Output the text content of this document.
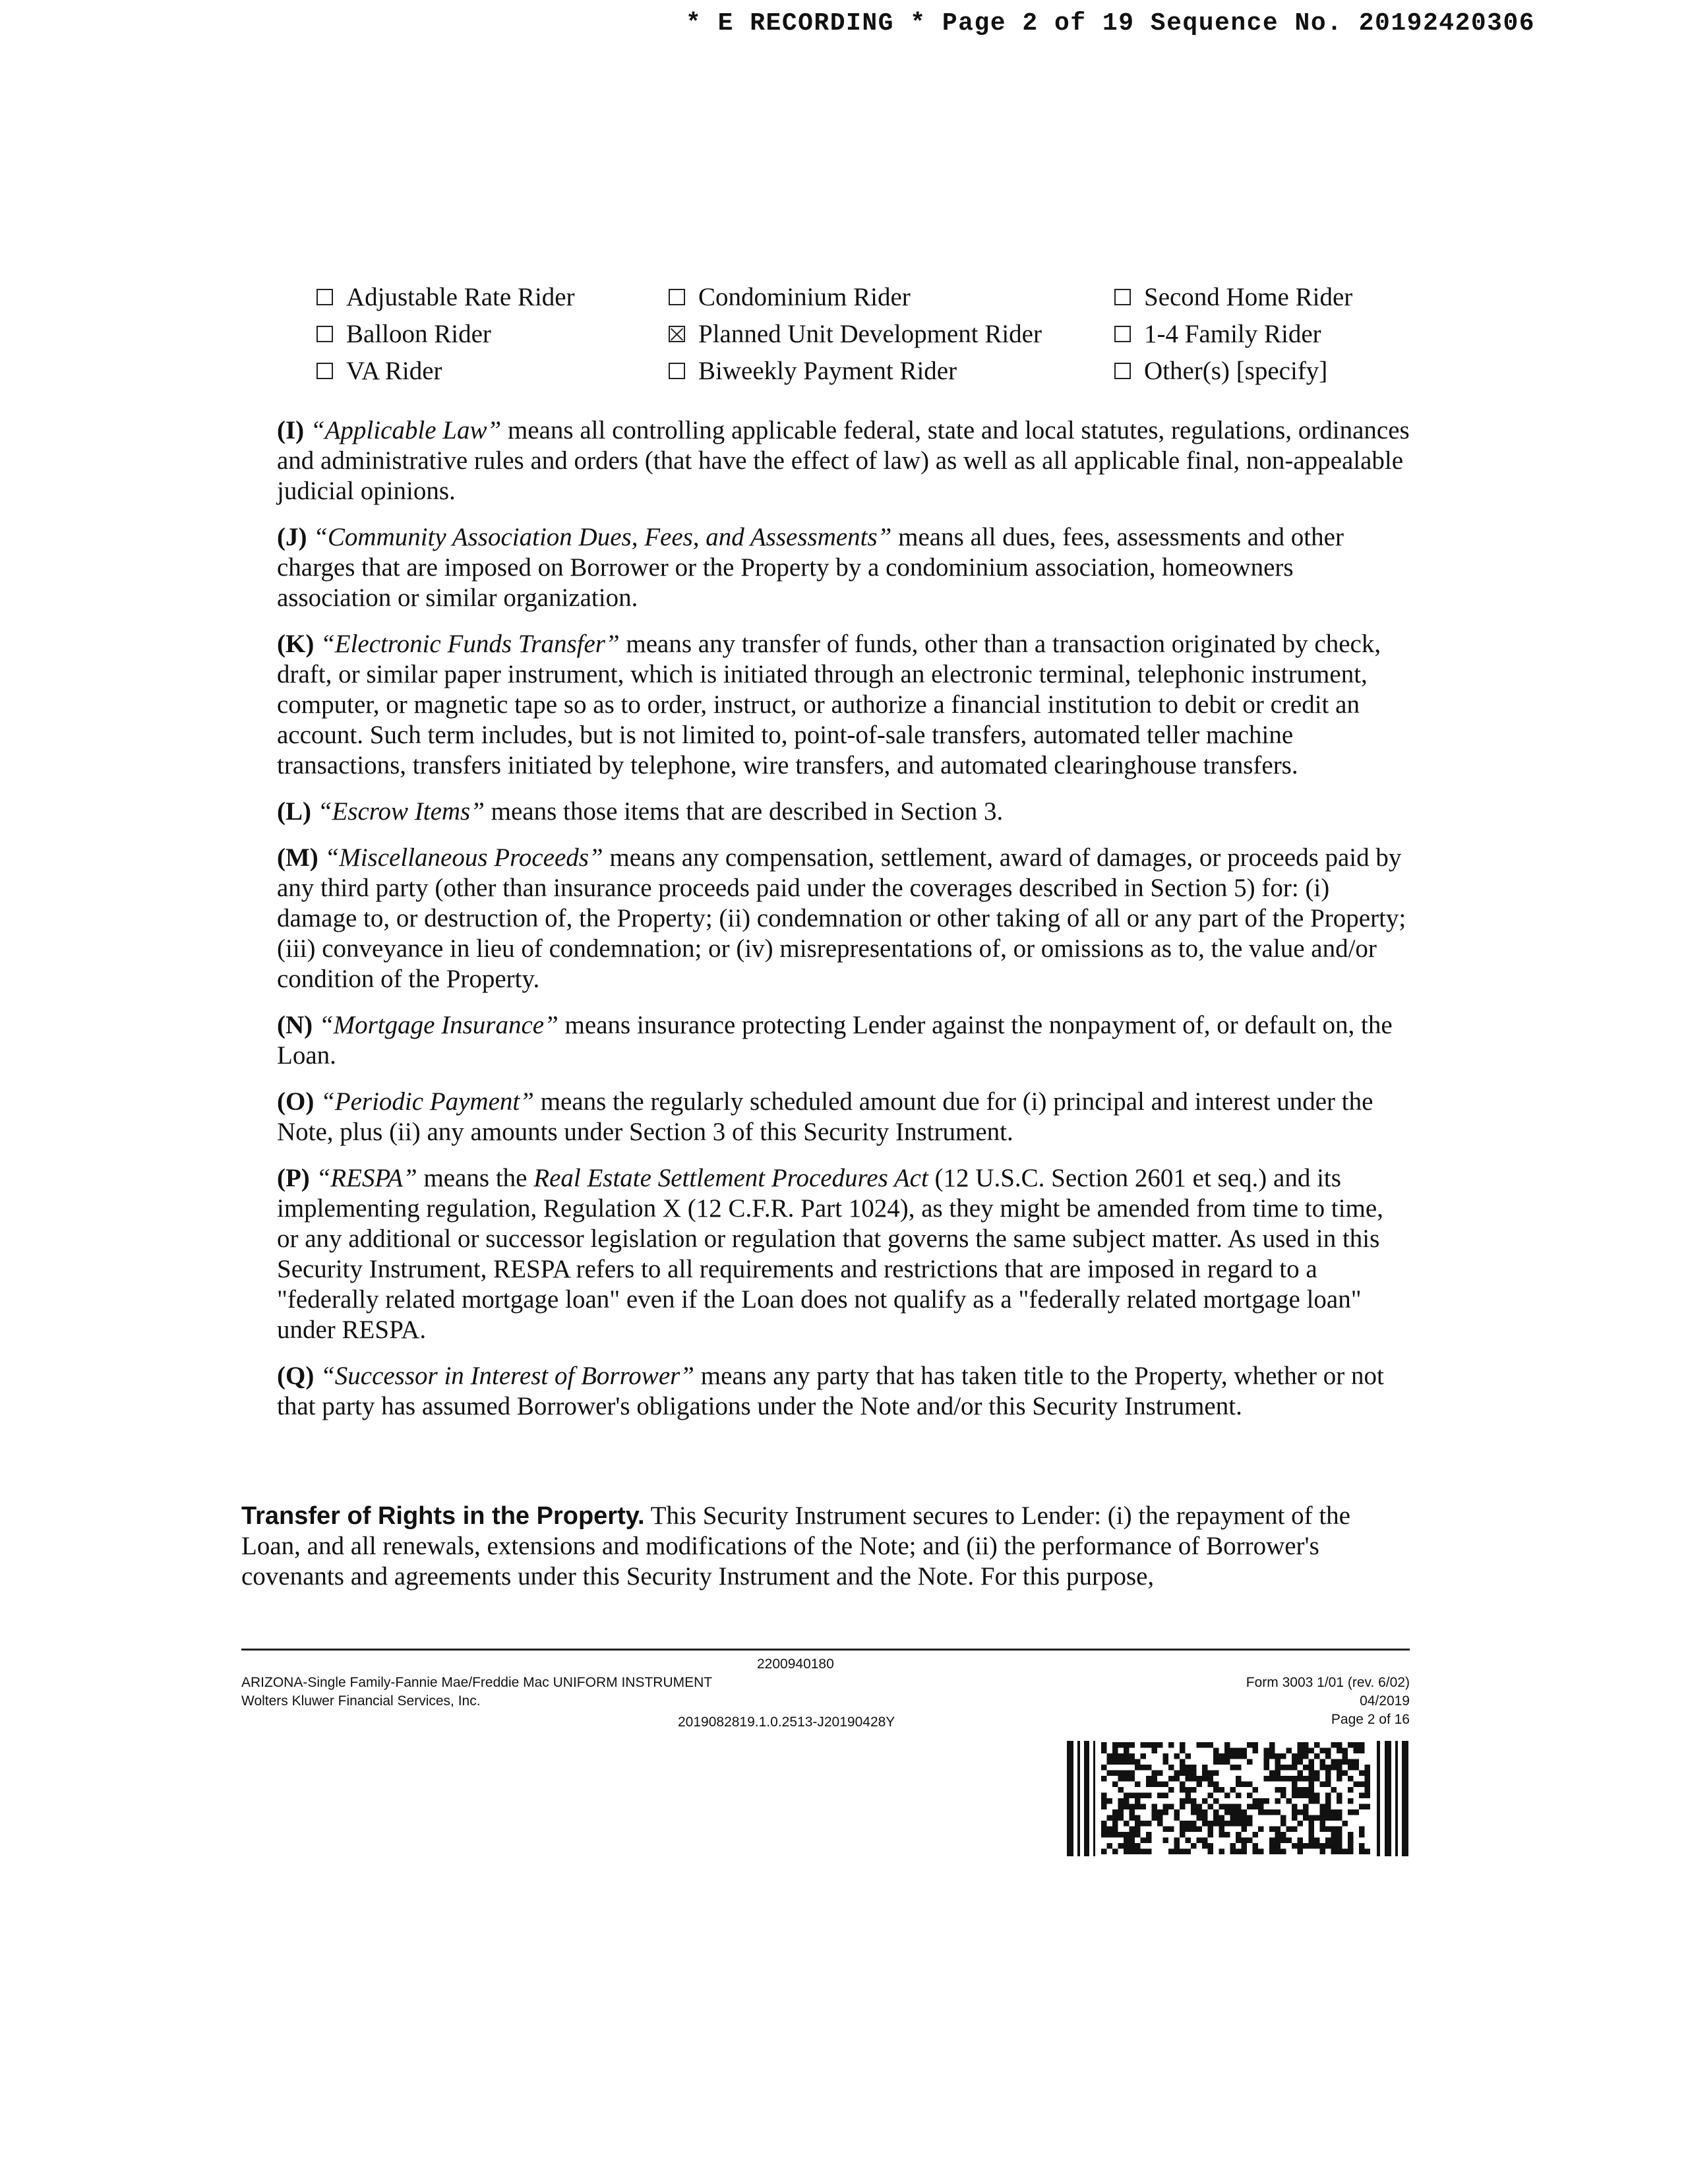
* E RECORDING * Page 2 of 19 Sequence No. 20192420306
Adjustable Rate Rider	Condominium Rider	Second Home Rider
Balloon Rider	Planned Unit Development Rider	1-4 Family Rider
VA Rider	Biweekly Payment Rider	Other(s) [specify]

(I) “Applicable Law” means all controlling applicable federal, state and local statutes, regulations, ordinances and administrative rules and orders (that have the effect of law) as well as all applicable final, non-appealable judicial opinions.

(J) “Community Association Dues, Fees, and Assessments” means all dues, fees, assessments and other charges that are imposed on Borrower or the Property by a condominium association, homeowners association or similar organization.

(K) “Electronic Funds Transfer” means any transfer of funds, other than a transaction originated by check, draft, or similar paper instrument, which is initiated through an electronic terminal, telephonic instrument, computer, or magnetic tape so as to order, instruct, or authorize a financial institution to debit or credit an account. Such term includes, but is not limited to, point-of-sale transfers, automated teller machine transactions, transfers initiated by telephone, wire transfers, and automated clearinghouse transfers.

(L) “Escrow Items” means those items that are described in Section 3.

(M) “Miscellaneous Proceeds” means any compensation, settlement, award of damages, or proceeds paid by any third party (other than insurance proceeds paid under the coverages described in Section 5) for: (i) damage to, or destruction of, the Property; (ii) condemnation or other taking of all or any part of the Property; (iii) conveyance in lieu of condemnation; or (iv) misrepresentations of, or omissions as to, the value and/or condition of the Property.

(N) “Mortgage Insurance” means insurance protecting Lender against the nonpayment of, or default on, the Loan.

(O) “Periodic Payment” means the regularly scheduled amount due for (i) principal and interest under the Note, plus (ii) any amounts under Section 3 of this Security Instrument.

(P) “RESPA” means the Real Estate Settlement Procedures Act (12 U.S.C. Section 2601 et seq.) and its implementing regulation, Regulation X (12 C.F.R. Part 1024), as they might be amended from time to time, or any additional or successor legislation or regulation that governs the same subject matter. As used in this Security Instrument, RESPA refers to all requirements and restrictions that are imposed in regard to a "federally related mortgage loan" even if the Loan does not qualify as a "federally related mortgage loan" under RESPA.

(Q) “Successor in Interest of Borrower” means any party that has taken title to the Property, whether or not that party has assumed Borrower's obligations under the Note and/or this Security Instrument.

Transfer of Rights in the Property. This Security Instrument secures to Lender: (i) the repayment of the Loan, and all renewals, extensions and modifications of the Note; and (ii) the performance of Borrower's covenants and agreements under this Security Instrument and the Note. For this purpose,
2200940180
ARIZONA-Single Family-Fannie Mae/Freddie Mac UNIFORM INSTRUMENT
Wolters Kluwer Financial Services, Inc.
2019082819.1.0.2513-J20190428Y
Form 3003 1/01 (rev. 6/02)
04/2019
Page 2 of 16
